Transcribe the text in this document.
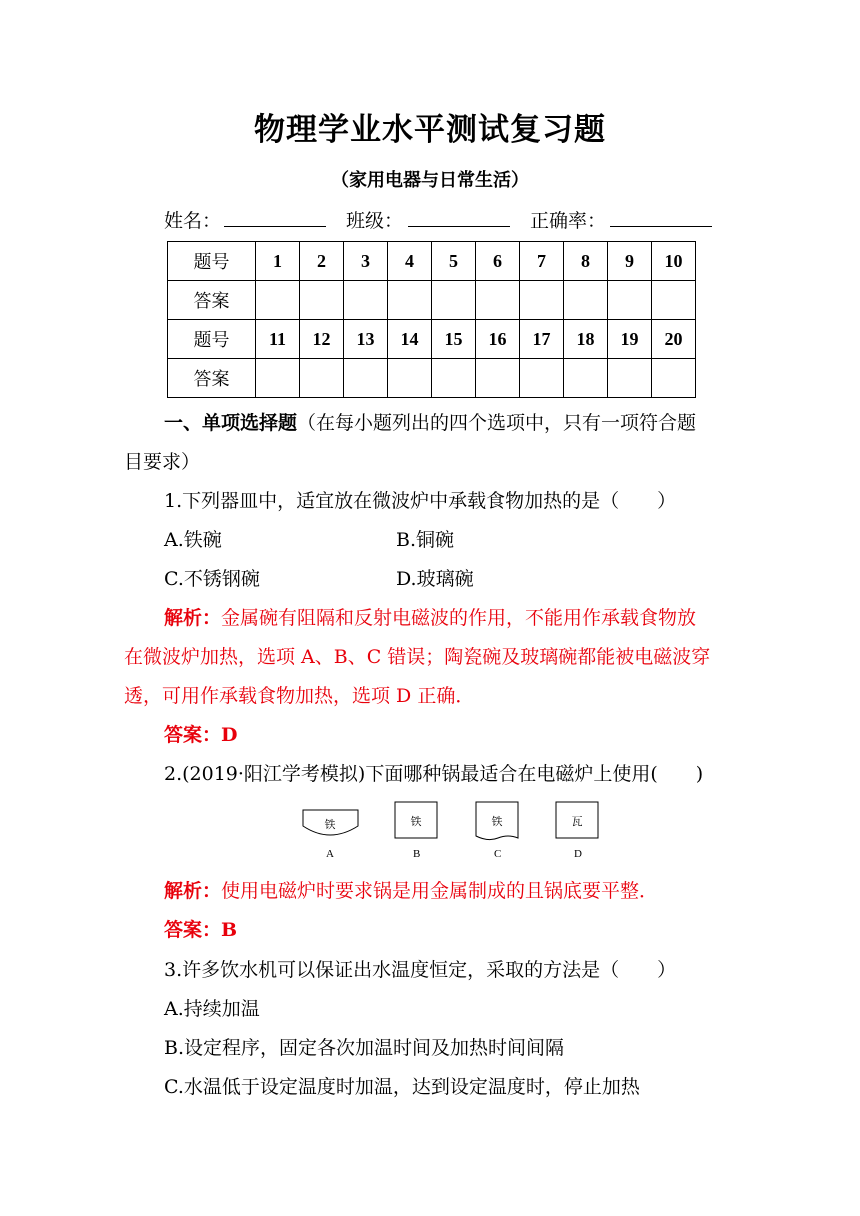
物理学业水平测试复习题
（家用电器与日常生活）
姓名：	班级：	正确率：
题号	1	2	3	4	5	6	7	8	9	10
答案										
题号	11	12	13	14	15	16	17	18	19	20
答案										
一、单项选择题（在每小题列出的四个选项中，只有一项符合题
目要求）
1.下列器皿中，适宜放在微波炉中承载食物加热的是（　　）
A.铁碗	B.铜碗
C.不锈钢碗	D.玻璃碗
解析：金属碗有阻隔和反射电磁波的作用，不能用作承载食物放
在微波炉加热，选项 A、B、C 错误；陶瓷碗及玻璃碗都能被电磁波穿
透，可用作承载食物加热，选项 D 正确．
答案：D
2.(2019·阳江学考模拟)下面哪种锅最适合在电磁炉上使用(　　)
铁	铁	铁	瓦
A	B	C	D
解析：使用电磁炉时要求锅是用金属制成的且锅底要平整．
答案：B
3.许多饮水机可以保证出水温度恒定，采取的方法是（　　）
A.持续加温
B.设定程序，固定各次加温时间及加热时间间隔
C.水温低于设定温度时加温，达到设定温度时，停止加热
